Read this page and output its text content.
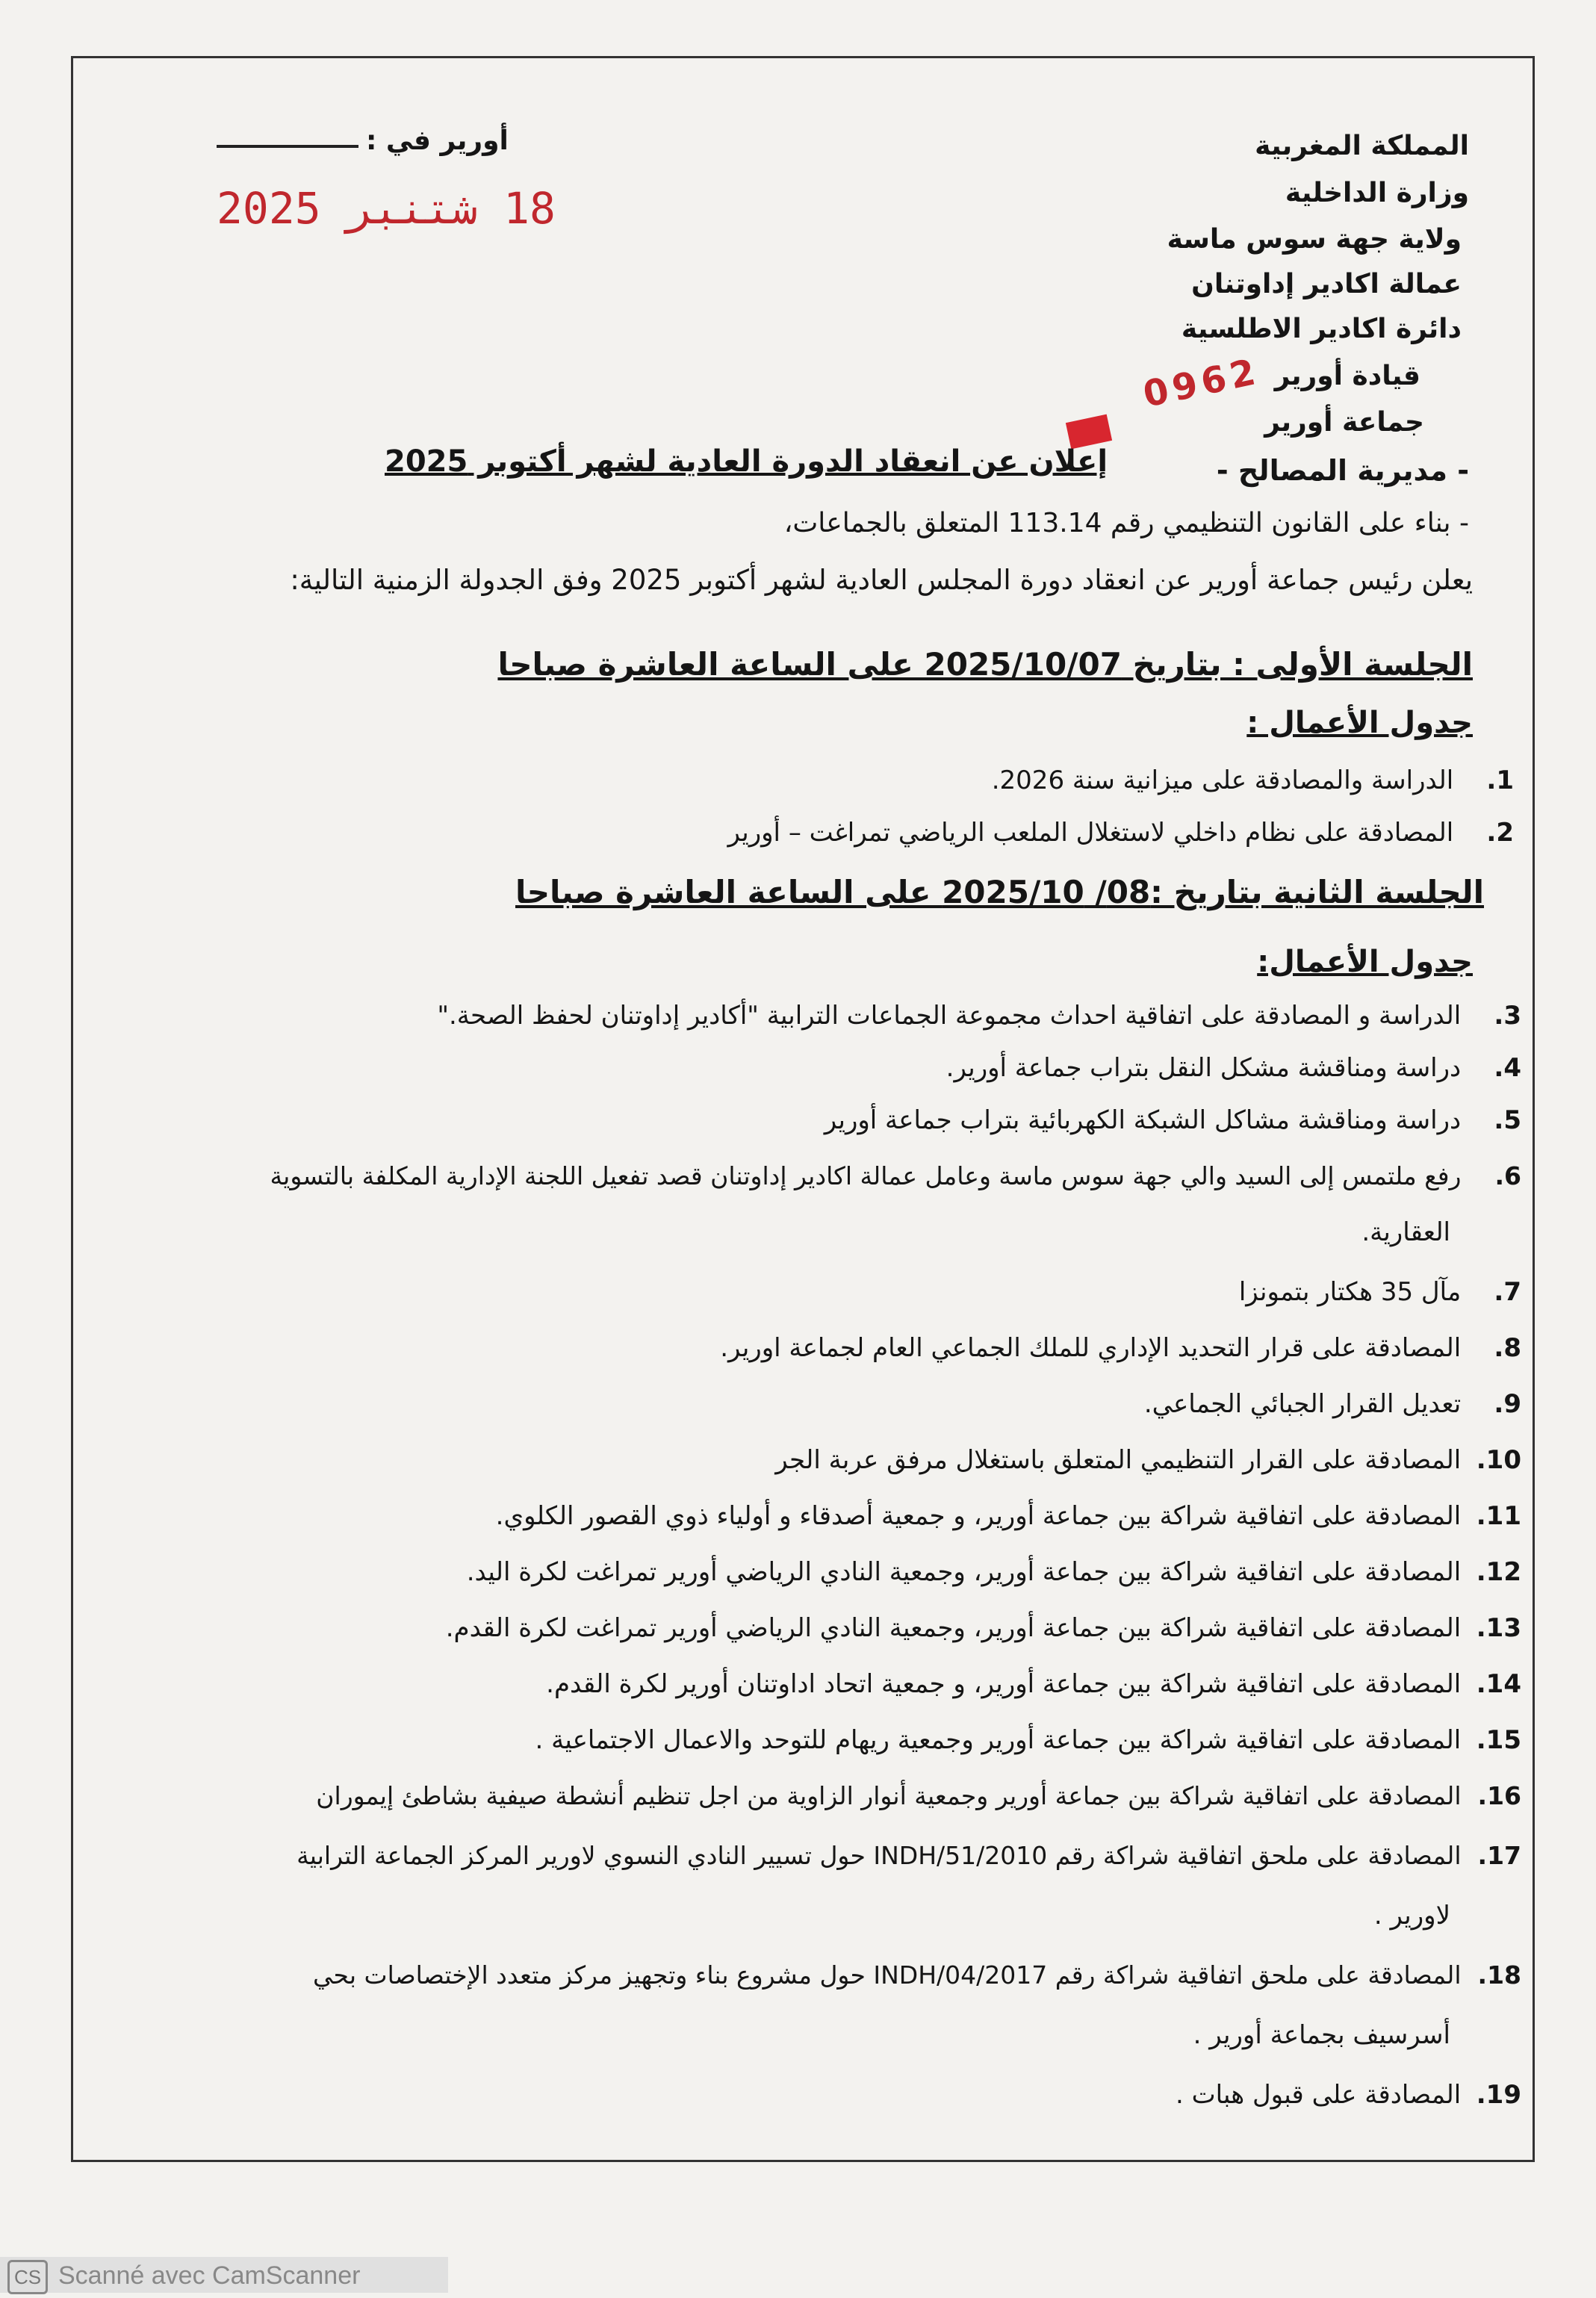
المملكة المغربية
وزارة الداخلية
ولاية جهة سوس ماسة
عمالة اكادير إداوتنان
دائرة اكادير الاطلسية
قيادة أورير
جماعة أورير
أورير في :
18 شتنبر 2025
0962
- مديرية المصالح -
إعلان عن انعقاد الدورة العادية لشهر أكتوبر 2025
- بناء على القانون التنظيمي رقم 113.14 المتعلق بالجماعات،
يعلن رئيس جماعة أورير عن انعقاد دورة المجلس العادية لشهر أكتوبر 2025 وفق الجدولة الزمنية التالية:
الجلسة الأولى : بتاريخ 2025/10/07 على الساعة العاشرة صباحا
جدول الأعمال :
1. الدراسة والمصادقة على ميزانية سنة 2026.
2. المصادقة على نظام داخلي لاستغلال الملعب الرياضي تمراغت – أورير
الجلسة الثانية بتاريخ :08/ 2025/10 على الساعة العاشرة صباحا
جدول الأعمال:
3. الدراسة و المصادقة على اتفاقية احداث مجموعة الجماعات الترابية "أكادير إداوتنان لحفظ الصحة."
4. دراسة ومناقشة مشكل النقل بتراب جماعة أورير.
5. دراسة ومناقشة مشاكل الشبكة الكهربائية بتراب جماعة أورير
6. رفع ملتمس إلى السيد والي جهة سوس ماسة وعامل عمالة اكادير إداوتنان قصد تفعيل اللجنة الإدارية المكلفة بالتسوية
العقارية.
7. مآل 35 هكتار بتمونزا
8. المصادقة على قرار التحديد الإداري للملك الجماعي العام لجماعة اورير.
9. تعديل القرار الجبائي الجماعي.
10. المصادقة على القرار التنظيمي المتعلق باستغلال مرفق عربة الجر
11. المصادقة على اتفاقية شراكة بين جماعة أورير، و جمعية أصدقاء و أولياء ذوي القصور الكلوي.
12. المصادقة على اتفاقية شراكة بين جماعة أورير، وجمعية النادي الرياضي أورير تمراغت لكرة اليد.
13. المصادقة على اتفاقية شراكة بين جماعة أورير، وجمعية النادي الرياضي أورير تمراغت لكرة القدم.
14. المصادقة على اتفاقية شراكة بين جماعة أورير، و جمعية اتحاد اداوتنان أورير لكرة القدم.
15. المصادقة على اتفاقية شراكة بين جماعة أورير وجمعية ريهام للتوحد والاعمال الاجتماعية .
16. المصادقة على اتفاقية شراكة بين جماعة أورير وجمعية أنوار الزاوية من اجل تنظيم أنشطة صيفية بشاطئ إيموران
17. المصادقة على ملحق اتفاقية شراكة رقم 2010/INDH/51 حول تسيير النادي النسوي لاورير المركز الجماعة الترابية
لاورير .
18. المصادقة على ملحق اتفاقية شراكة رقم 2017/INDH/04 حول مشروع بناء وتجهيز مركز متعدد الإختصاصات بحي
أسرسيف بجماعة أورير .
19. المصادقة على قبول هبات .
CS Scanné avec CamScanner
